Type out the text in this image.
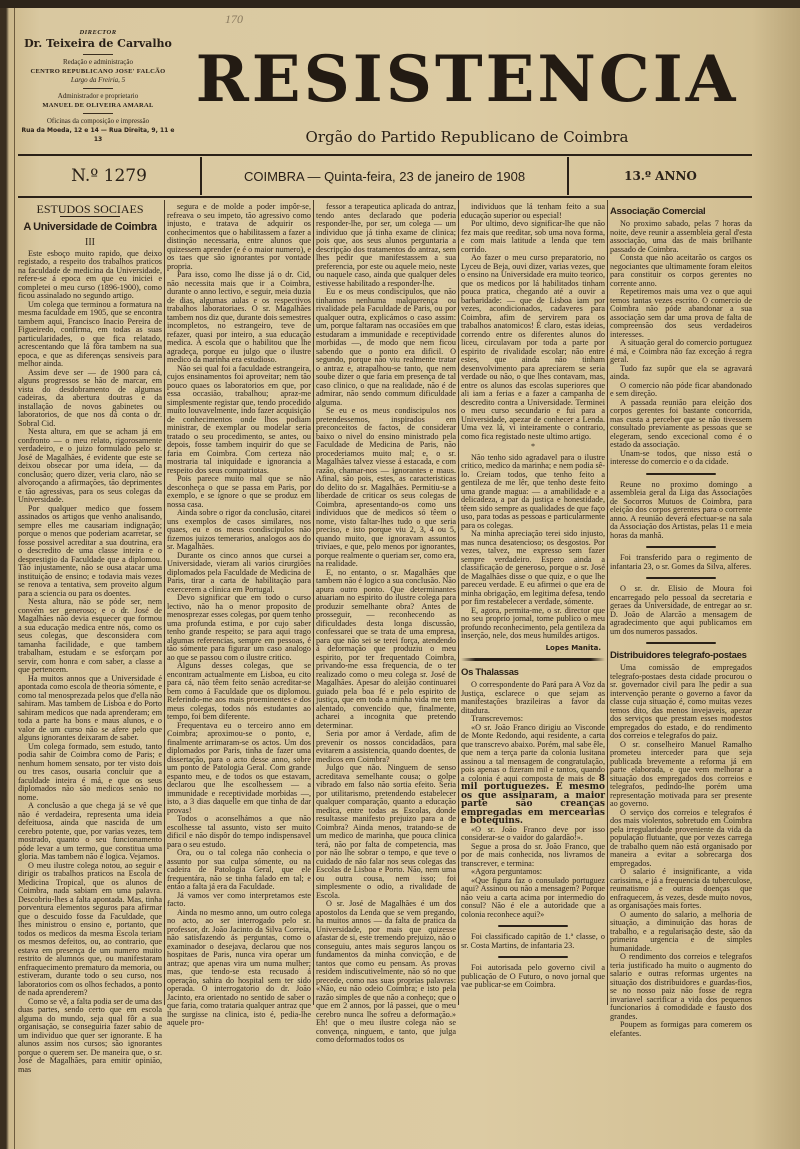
170
DIRECTOR
Dr. Teixeira de Carvalho
Redação e administração
CENTRO REPUBLICANO JOSE' FALCÃO
Largo da Freiria, 5
Administrador e proprietario
MANUEL DE OLIVEIRA AMARAL
Oficinas da composição e impressão
Rua da Moeda, 12 e 14 — Rua Direita, 9, 11 e 13
RESISTENCIA
Orgão do Partido Republicano de Coimbra
N.º 1279	COIMBRA — Quinta-feira, 23 de janeiro de 1908	13.º ANNO
ESTUDOS SOCIAES
A Universidade de Coimbra
III

Este esboço muito rapido, que deixo registado, a respeito dos trabalhos praticos na faculdade de medicina da Universidade, refere-se á epoca em que eu iniciei e completei o meu curso (1896-1900), como ficou assinalado no segundo artigo.

Um colega que terminou a formatura na mesma faculdade em 1905, que se encontra tambem aqui, Francisco Inacio Pereira de Figueiredo, confirma, em todas as suas particularidades, o que fica relatado, acrescentando que lá fôra tambem na sua epoca, e que as diferenças sensiveis para melhor ainda.

Assim deve ser — de 1900 para cá, alguns progressos se hão de marcar, em vista do desdobramento de algumas cadeiras, da abertura doutras e da installação de novos gabinetes ou laboratorios, de que nos dá conta o dr. Sobral Cid.

Nesta altura, em que se acham já em confronto — o meu relato, rigorosamente verdadeiro, e o juizo formulado pelo sr. José de Magalhães, é evidente que este se deixou obsecar por uma ideia, — da conclusão; quero dizer, veria claro, não se alvoroçando a afirmações, tão deprimentes e tão agressivas, para os seus colegas da Universidade.

Por qualquer medico que fossem assinados os artigos que venho analisando, sempre elles me causariam indignação; porque o menos que poderiam acarretar, se fosse possivel acreditar a sua doutrina, era o descredito de uma classe inteira e o desprestigio da Faculdade que a diplomou. Tão injustamente, não se ousa atacar uma instituição de ensino; e todavia mais vezes se renova a tentativa, sem proveito algum para a sciencia ou para os doentes.

Nesta altura, não se póde ser, nem convém ser generoso; e o dr. José de Magalhães não devia esquecer que formou a sua educação medica entre nós, como os seus colegas, que desconsidera com tamanha facilidade, e que tambem trabalham, estudam e se esforçam por servir, com honra e com saber, a classe a que pertencem.

Ha muitos annos que a Universidade é apontada como escola de theoria sómente, e como tal menosprezada pelos que d'ella não sahiram. Mas tambem de Lisboa e do Porto sahiram medicos que nada aprenderam; em toda a parte ha bons e maus alunos, e o valor de um curso não se afere pelo que alguns ignorantes deixaram de saber.

Um colega formado, sem estudo, tanto podia sahir de Coimbra como de Paris; e nenhum homem sensato, por ter visto dois ou tres casos, ousaria concluir que a faculdade inteira é má, e que os seus diplomados não são medicos senão no nome.

A conclusão a que chega já se vê que não é verdadeira, representa uma ideia defeituosa, ainda que nascida de um cerebro potente, que, por varias vezes, tem mostrado, quanto o seu funcionamento póde levar a um termo, que constitua uma gloria. Mas tambem não é logica. Vejamos.

O meu ilustre colega notou, ao seguir e dirigir os trabalhos praticos na Escola de Medicina Tropical, que os alunos de Coimbra, nada sabiam em uma palavra. Descobriu-lhes a falta apontada. Mas, tinha porventura elementos seguros para afirmar que o descuido fosse da Faculdade, que lhes ministrou o ensino e, portanto, que todos os medicos da mesma Escola teriam os mesmos defeitos, ou, ao contrario, que estava em presença de um numero muito restrito de alumnos que, ou manifestaram enfraquecimento prematuro da memoria, ou estiveram, durante todo o seu curso, nos laboratorios com os olhos fechados, a ponto de nada aprenderem?

Como se vê, a falta podia ser de uma das duas partes, sendo certo que em escola alguma do mundo, seja qual fôr a sua organisação, se conseguiria fazer sabio de um individuo que quer ser ignorante. E ha alunos assim nos cursos; são ignorantes porque o querem ser. De maneira que, o sr. José de Magalhães, para emitir opinião, mas

segura e de molde a poder impôr-se, refreava o seu impeto, tão agressivo como injusto, e tratava de adquirir os conhecimentos que o habilitassem a fazer a distinção necessaria, entre alunos que quizessem aprender (e é o maior numero), e os taes que são ignorantes por vontade propria.

Para isso, como lhe disse já o dr. Cid, não necessita mais que ir a Coimbra, durante o anno lectivo, e seguir, meia duzia de dias, algumas aulas e os respectivos trabalhos laboratoriaes. O sr. Magalhães tambem nos diz que, durante dois semestres incompletos, no estrangeiro, teve de refazer, quasi por inteiro, a sua educação medica. A escola que o habilitou que lhe agradeça, porque eu julgo que o ilustre medico da marinha era estudioso.

Não sei qual foi a faculdade estrangeira, cujos ensinamentos foi aproveitar; nem tão pouco quaes os laboratorios em que, por essa occasião, trabalhou; apraz-me simplesmente registar que, tendo procedido muito louvavelmente, indo fazer acquisição de conhecimentos onde lhos podiam ministrar, de exemplar ou modelar seria tratado o seu procedimento, se antes, ou depois, fosse tambem inquirir do que se faria em Coimbra. Com certeza não mostraria tal iniquidade e ignorancia a respeito dos seus compatriotas.

Pois parece muito mal que se não desconheça o que se passa em Paris, por exemplo, e se ignore o que se produz em nossa casa.

Ainda sobre o rigor da conclusão, citarei uns exemplos de casos similares, nos quaes, eu e os meus condiscipulos não fizemos juizos temerarios, analogos aos do sr. Magalhães.

Durante os cinco annos que cursei a Universidade, vieram ali varios cirurgiões diplomados pela Faculdade de Medicina de Paris, tirar a carta de habilitação para exercerem a clinica em Portugal.

Devo significar que em todo o curso lectivo, não ha o menor proposito de menosprezar esses colegas, por quem tenho uma profunda estima, e por cujo saber tenho grande respeito; se para aqui trago algumas referencias, sempre em pessoas, é tão sómente para figurar um caso analogo ao que se passou com o ilustre critico.

Alguns desses colegas, que se encontram actualmente em Lisboa, eu cito para cá, não têem feito senão acreditar-se bem como á Faculdade que os diplomou. Referindo-me aos mais proeminentes e dos meus colegas, todos nós estudantes ao tempo, foi bem diferente.

Frequentava eu o terceiro anno em Coimbra; aproximou-se o ponto, e, finalmente arrimaram-se os actos. Um dos diplomados por Paris, tinha de fazer uma dissertação, para o acto desse anno, sobre um ponto de Patologia Geral. Com grande espanto meu, e de todos os que estavam, declarou que lhe escolhessem — a immunidade e receptividade morbidas —, isto, a 3 dias daquelle em que tinha de dar provas!

Todos o aconselhámos a que não escolhesse tal assunto, visto ser muito dificil e não dispôr do tempo indispensavel para o seu estudo.

Ora, ou o tal colega não conhecia o assunto por sua culpa sómente, ou na cadeira de Patologia Geral, que ele frequentára, não se tinha falado em tal; e então a falta já era da Faculdade.

Já vamos ver como interpretamos este facto.

Ainda no mesmo anno, um outro colega no acto, ao ser interrogado pelo sr. professor, dr. João Jacinto da Silva Correia, não satisfazendo ás perguntas, como o examinador o desejava, declarou que nos hospitaes de Paris, nunca vira operar um antraz; que apenas vira um numa mulher; mas, que tendo-se esta recusado á operação, sahira do hospital sem ter sido operada. O interrogatorio do dr. João Jacinto, era orientado no sentido de saber o que faria, como trataria qualquer antraz que lhe surgisse na clinica, isto é, pedia-lhe aquele pro-

fessor a terapeutica aplicada do antraz, tendo antes declarado que poderia responder-lhe, por ser, um colega — um individuo que já tinha exame de clinica; pois que, aos seus alunos perguntaria a descripção dos tratamentos do antraz, sem lhes pedir que manifestassem a sua preferencia, por este ou aquele meio, neste ou naquele caso, ainda que qualquer deles estivesse habilitado a responder-lhe.

Eu e os meus condiscipulos, que não tinhamos nenhuma malquerença ou rivalidade pela Faculdade de Paris, ou por qualquer outra, explicámos o caso assim: um, porque faltaram nas occasiões em que estudaram a immunidade e receptividade morbidas —, de modo que nem ficou sabendo que o ponto era dificil. O segundo, porque não viu realmente tratar o antraz e, atrapalhou-se tanto, que nem soube dizer o que faria em presença de tal caso clinico, o que na realidade, não é de admirar, não sendo commum dificuldade alguma.

Se eu e os meus condiscipulos nos pretendessemos, inspirados em preconceitos de factos, de considerar baixo o nivel do ensino ministrado pela Faculdade de Medicina de Paris, não procederiamos muito mal; e, o sr. Magalhães talvez viesse á estacada, e com razão, chamar-nos — ignorantes e maus. Afinal, são pois, estes, as caracteristicas do delito do sr. Magalhães. Permitiu-se a liberdade de criticar os seus colegas de Coimbra, apresentando-os como uns individuos que de medicos só têem o nome, visto faltar-lhes tudo o que seria preciso, e isto porque viu 2, 3, 4 ou 5, quando muito, que ignoravam assuntos triviaes, e que, pelo menos por ignorantes, porque realmente o queriam ser, como era, na realidade.

E, no entanto, o sr. Magalhães que tambem não é logico a sua conclusão. Não apura outro ponto. Que determinantes atuariam no espirito do ilustre colega para produzir semelhante obra? Antes de prosseguir, — reconhecendo as dificuldades desta longa discussão, confessarei que se trata de uma empresa, para que não sei se terei força, atendendo á deformação que produziu o meu espirito, por ter frequentado Coimbra, privando-me essa frequencia, de o ter realizado como o meu colega sr. José de Magalhães. Apesar do aleijão continuarei guiado pela boa fé e pelo espirito de justiça, que em toda a minha vida me tem alentado, convencido que, finalmente, acharei a incognita que pretendo determinar.

Seria por amor á Verdade, afim de prevenir os nossos concidadãos, para evitarem a assistencia, quando doentes, de medicos em Coimbra?

Julgo que não. Ninguem de senso acreditava semelhante cousa; o golpe vibrado em falso não sortia efeito. Seria por utilitarismo, pretendendo estabelecer qualquer comparação, quanto a educação medica, entre todas as Escolas, donde resultasse manifesto prejuizo para a de Coimbra? Ainda menos, tratando-se de um medico de marinha, que pouca clinica terá, não por falta de competencia, mas por não lhe sobrar o tempo, e que teve o cuidado de não falar nos seus colegas das Escolas de Lisboa e Porto. Não, nem uma ou outra cousa, nem isso; foi simplesmente o odio, a rivalidade de Escola.

O sr. José de Magalhães é um dos apostolos da Lenda que se vem pregando, ha muitos annos — da falta de pratica da Universidade, por mais que quizesse afastar de si, este tremendo prejuizo, não o conseguiu, antes mais seguros lançou os fundamentos da minha convicção, e de tantos que como eu pensam. As provas residem indiscutivelmente, não só no que precede, como nas suas proprias palavras: «Não, eu não odeio Coimbra; e isto pela razão simples de que não a conheço; que o que em 2 annos, por lá passei, que o meu cerebro nunca lhe sofreu a deformação.» Eh! que o meu ilustre colega não se convença, ninguem, e tanto, que julga como deformados todos os

individuos que lá tenham feito a sua educação superior ou especial!

Por ultimo, devo significar-lhe que não fez mais que reeditar, sob uma nova forma, e com mais latitude a lenda que tem corrido.

Ao fazer o meu curso preparatorio, no Lyceu de Beja, ouvi dizer, varias vezes, que o ensino na Universidade era muito teorico, que os medicos por lá habilitados tinham pouca pratica, chegando até a ouvir a barbaridade: — que de Lisboa iam por vezes, acondicionados, cadaveres para Coimbra, afim de servirem para os trabalhos anatomicos! É claro, estas ideias, correndo entre os diferentes alunos do liceu, circulavam por toda a parte por espirito de rivalidade escolar; não entre estes, que ainda não tinham desenvolvimento para apreciarem se seria verdade ou não, o que lhes contavam, mas, entre os alunos das escolas superiores que ali iam a ferias e a fazer a campanha de descredito contra a Universidade. Terminei o meu curso secundario e fui para a Universidade, apezar de conhecer a Lenda. Uma vez lá, vi inteiramente o contrario, como fica registado neste ultimo artigo.

*

Não tenho sido agradavel para o ilustre critico, medico da marinha; e nem podia sê-lo. Creiam todos, que tenho feito a gentileza de me lêr, que tenho deste feito uma grande magua: — a amabilidade e a delicadeza, a par da justiça e honestidade, têem sido sempre as qualidades de que faço uso, para todas as pessoas e particularmente para os colegas.

Na minha apreciação terei sido injusto, mas nunca desatencioso; os desgostos. Por vezes, talvez, me expresso sem fazer sempre verdadeiro. Espero ainda a classificação de generoso, porque o sr. José de Magalhães disse o que quiz, e o que lhe pareceu verdade. E eu afirmei o que era de minha obrigação, em legitima defesa, tendo por fim restabelecer a verdade, sómente.

E, agora, permita-me, o sr. director que no seu proprio jornal, torne publico o meu profundo reconhecimento, pela gentileza da inserção, nele, dos meus humildes artigos.

Lopes Manita.
Os Thalassas

O correspondente do Pará para A Voz da Justiça, esclarece o que sejam as manifestações brazileiras a favor da ditadura.

Transcrevemos:

«O sr. João Franco dirigiu ao Visconde de Monte Redondo, aqui residente, a carta que transcrevo abaixo. Porém, mal sabe êle, que nem a terça parte da colonia lusitana assinou a tal mensagem de congratulação, pois apenas o fizeram mil e tantos, quando a colonia é aqui composta de mais de 8 mil portuguezes. E mesmo os que assinaram, a maior parte são creanças empregadas em mercearias e botequins.

«O sr. João Franco deve por isso considerar-se o vaidor do galardão!».

Segue a prosa do sr. João Franco, que por de mais conhecida, nos livramos de transcrever, e termina:

«Agora perguntamos:

«Que figura faz o consulado portuguez aqui? Assinou ou não a mensagem? Porque não veiu a carta acima por intermedio do consul? Não é ele a autoridade que a colonia reconhece aqui?»

Foi classificado capitão de 1.ª classe, o sr. Costa Martins, de infantaria 23.

Foi autorisada pelo governo civil a publicação de O Futuro, o novo jornal que vae publicar-se em Coimbra.

Associação Comercial

No proximo sabado, pelas 7 horas da noite, deve reunir a assembleia geral d'esta associação, uma das de mais brilhante passado de Coimbra.

Consta que não aceitarão os cargos os negociantes que ultimamente foram eleitos para constituir os corpos gerentes no corrente anno.

Repetiremos mais uma vez o que aqui temos tantas vezes escrito. O comercio de Coimbra não póde abandonar a sua associação sem dar uma prova de falta de compreensão dos seus verdadeiros interesses.

A situação geral do comercio portuguez é má, e Coimbra não faz exceção á regra geral.

Tudo faz supôr que ela se agravará ainda.

O comercio não póde ficar abandonado e sem direção.

A passada reunião para eleição dos corpos gerentes foi bastante concorrida, mas custa a perceber que se não tivessem consultado previamente as pessoas que se elegeram, sendo excecional como é o estado da associação.

Unam-se todos, que nisso está o interesse do comercio e o da cidade.

Reune no proximo domingo a assembleia geral da Liga das Associações de Socorros Mutuos de Coimbra, para eleição dos corpos gerentes para o corrente anno. A reunião deverá efectuar-se na sala da Associação dos Artistas, pelas 11 e meia horas da manhã.

Foi transferido para o regimento de infantaria 23, o sr. Gomes da Silva, alferes.

O sr. dr. Elisio de Moura foi encarregado pelo pessoal da secretaria e geraes da Universidade, de entregar ao sr. D. João de Alarcão a mensagem de agradecimento que aqui publicamos em um dos numeros passados.

Distribuidores telegrafo-postaes

Uma comissão de empregados telegrafo-postaes desta cidade procurou o sr. governador civil para lhe pedir a sua intervenção perante o governo a favor da classe cuja situação é, como muitas vezes temos dito, das menos invejaveis, apezar dos serviços que prestam esses modestos empregados do estado, e do rendimento dos correios e telegrafos do paiz.

O sr. conselheiro Manuel Ramalho prometeu interceder para que seja publicada brevemente a reforma já em parte elaborada, e que vem melhorar a situação dos empregados dos correios e telegrafos, pedindo-lhe porém uma representação motivada para ser presente ao governo.

O serviço dos correios e telegrafos é dos mais violentos, sobretudo em Coimbra pela irregularidade proveniente da vida da população flutuante, que por vezes carrega de trabalho quem não está organisado por maneira a evitar a sobrecarga dos empregados.

O salario é insignificante, a vida carissima, e já a frequencia da tuberculose, reumatismo e outras doenças que enfraquecem, ás vezes, desde muito novos, as organisações mais fortes.

O aumento do salario, a melhoria de situação, a diminuição das horas de trabalho, e a regularisação deste, são da primeira urgencia e de simples humanidade.

O rendimento dos correios e telegrafos teria justificado ha muito o augmento do salario e outras reformas urgentes na situação dos distribuidores e guardas-fios, se no nosso paiz não fosse de regra invariavel sacrificar a vida dos pequenos funcionarios á comodidade e fausto dos grandes.

Poupem as formigas para comerem os elefantes.
